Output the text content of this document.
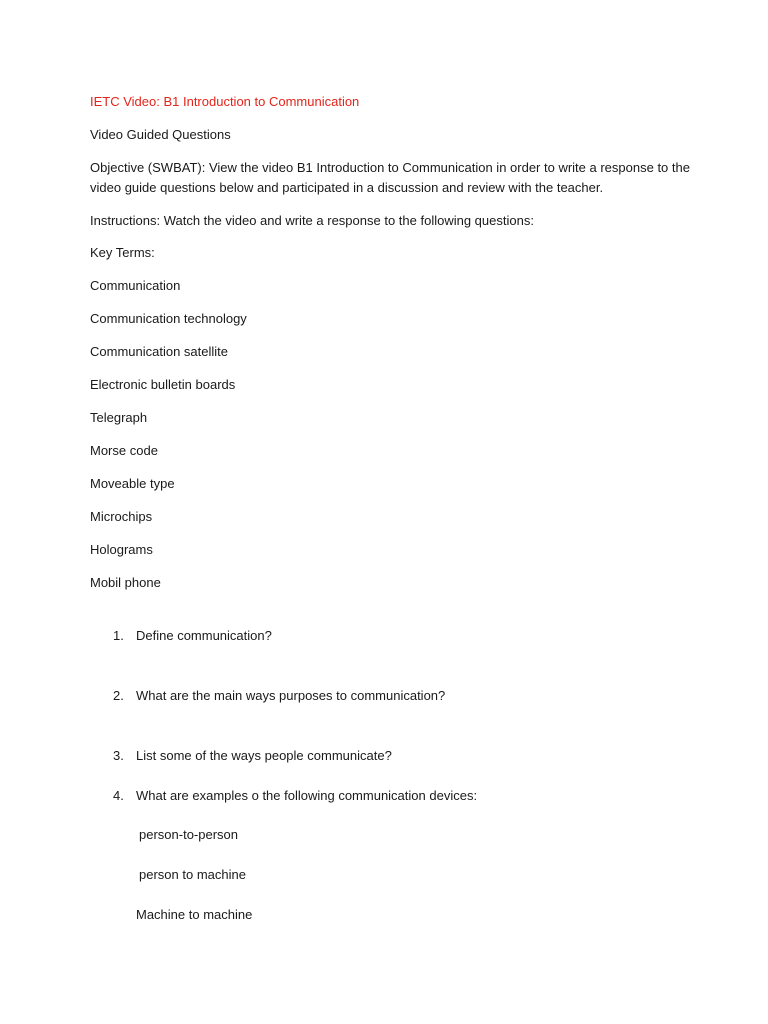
IETC Video: B1 Introduction to Communication
Video Guided Questions
Objective (SWBAT): View the video B1 Introduction to Communication in order to write a response to the video guide questions below and participated in a discussion and review with the teacher.
Instructions: Watch the video and write a response to the following questions:
Key Terms:
Communication
Communication technology
Communication satellite
Electronic bulletin boards
Telegraph
Morse code
Moveable type
Microchips
Holograms
Mobil phone
1. Define communication?
2. What are the main ways purposes to communication?
3. List some of the ways people communicate?
4. What are examples o the following communication devices:
person-to-person
person to machine
Machine to machine
